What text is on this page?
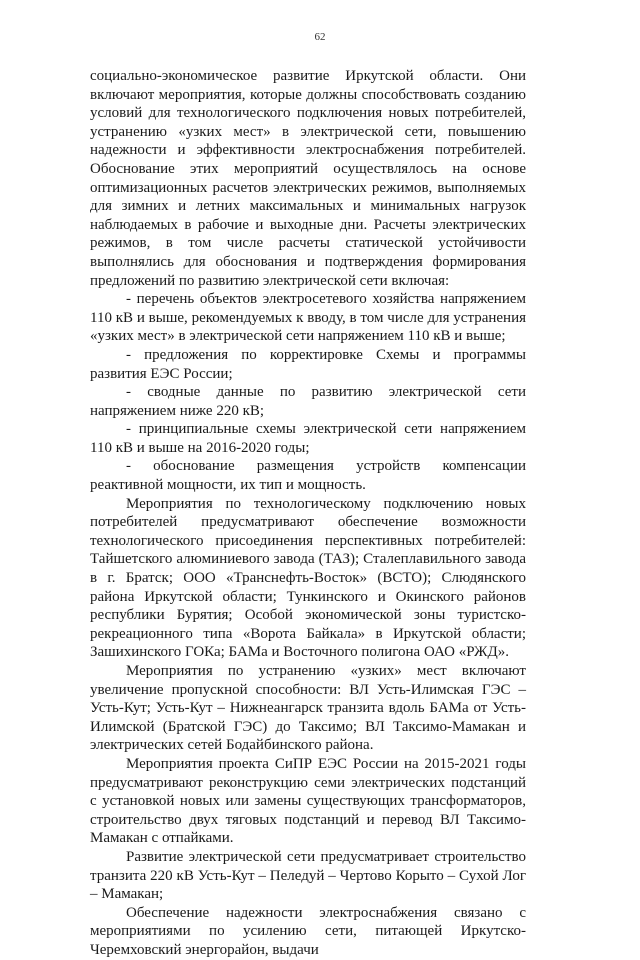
62

социально-экономическое развитие Иркутской области. Они включают мероприятия, которые должны способствовать созданию условий для технологического подключения новых потребителей, устранению «узких мест» в электрической сети, повышению надежности и эффективности электроснабжения потребителей. Обоснование этих мероприятий осуществлялось на основе оптимизационных расчетов электрических режимов, выполняемых для зимних и летних максимальных и минимальных нагрузок наблюдаемых в рабочие и выходные дни. Расчеты электрических режимов, в том числе расчеты статической устойчивости выполнялись для обоснования и подтверждения формирования предложений по развитию электрической сети включая:

- перечень объектов электросетевого хозяйства напряжением 110 кВ и выше, рекомендуемых к вводу, в том числе для устранения «узких мест» в электрической сети напряжением 110 кВ и выше;

- предложения по корректировке Схемы и программы развития ЕЭС России;

- сводные данные по развитию электрической сети напряжением ниже 220 кВ;

- принципиальные схемы электрической сети напряжением 110 кВ и выше на 2016-2020 годы;

- обоснование размещения устройств компенсации реактивной мощности, их тип и мощность.

Мероприятия по технологическому подключению новых потребителей предусматривают обеспечение возможности технологического присоединения перспективных потребителей: Тайшетского алюминиевого завода (ТАЗ); Сталеплавильного завода в г. Братск; ООО «Транснефть-Восток» (ВСТО); Слюдянского района Иркутской области; Тункинского и Окинского районов республики Бурятия; Особой экономической зоны туристско-рекреационного типа «Ворота Байкала» в Иркутской области; Зашихинского ГОКа; БАМа и Восточного полигона ОАО «РЖД».

Мероприятия по устранению «узких» мест включают увеличение пропускной способности: ВЛ Усть-Илимская ГЭС – Усть-Кут; Усть-Кут – Нижнеангарск транзита вдоль БАМа от Усть-Илимской (Братской ГЭС) до Таксимо; ВЛ Таксимо-Мамакан и электрических сетей Бодайбинского района.

Мероприятия проекта СиПР ЕЭС России на 2015-2021 годы предусматривают реконструкцию семи электрических подстанций с установкой новых или замены существующих трансформаторов, строительство двух тяговых подстанций и перевод ВЛ Таксимо-Мамакан с отпайками.

Развитие электрической сети предусматривает строительство транзита 220 кВ Усть-Кут – Пеледуй – Чертово Корыто – Сухой Лог – Мамакан;

Обеспечение надежности электроснабжения связано с мероприятиями по усилению сети, питающей Иркутско-Черемховский энергорайон, выдачи
